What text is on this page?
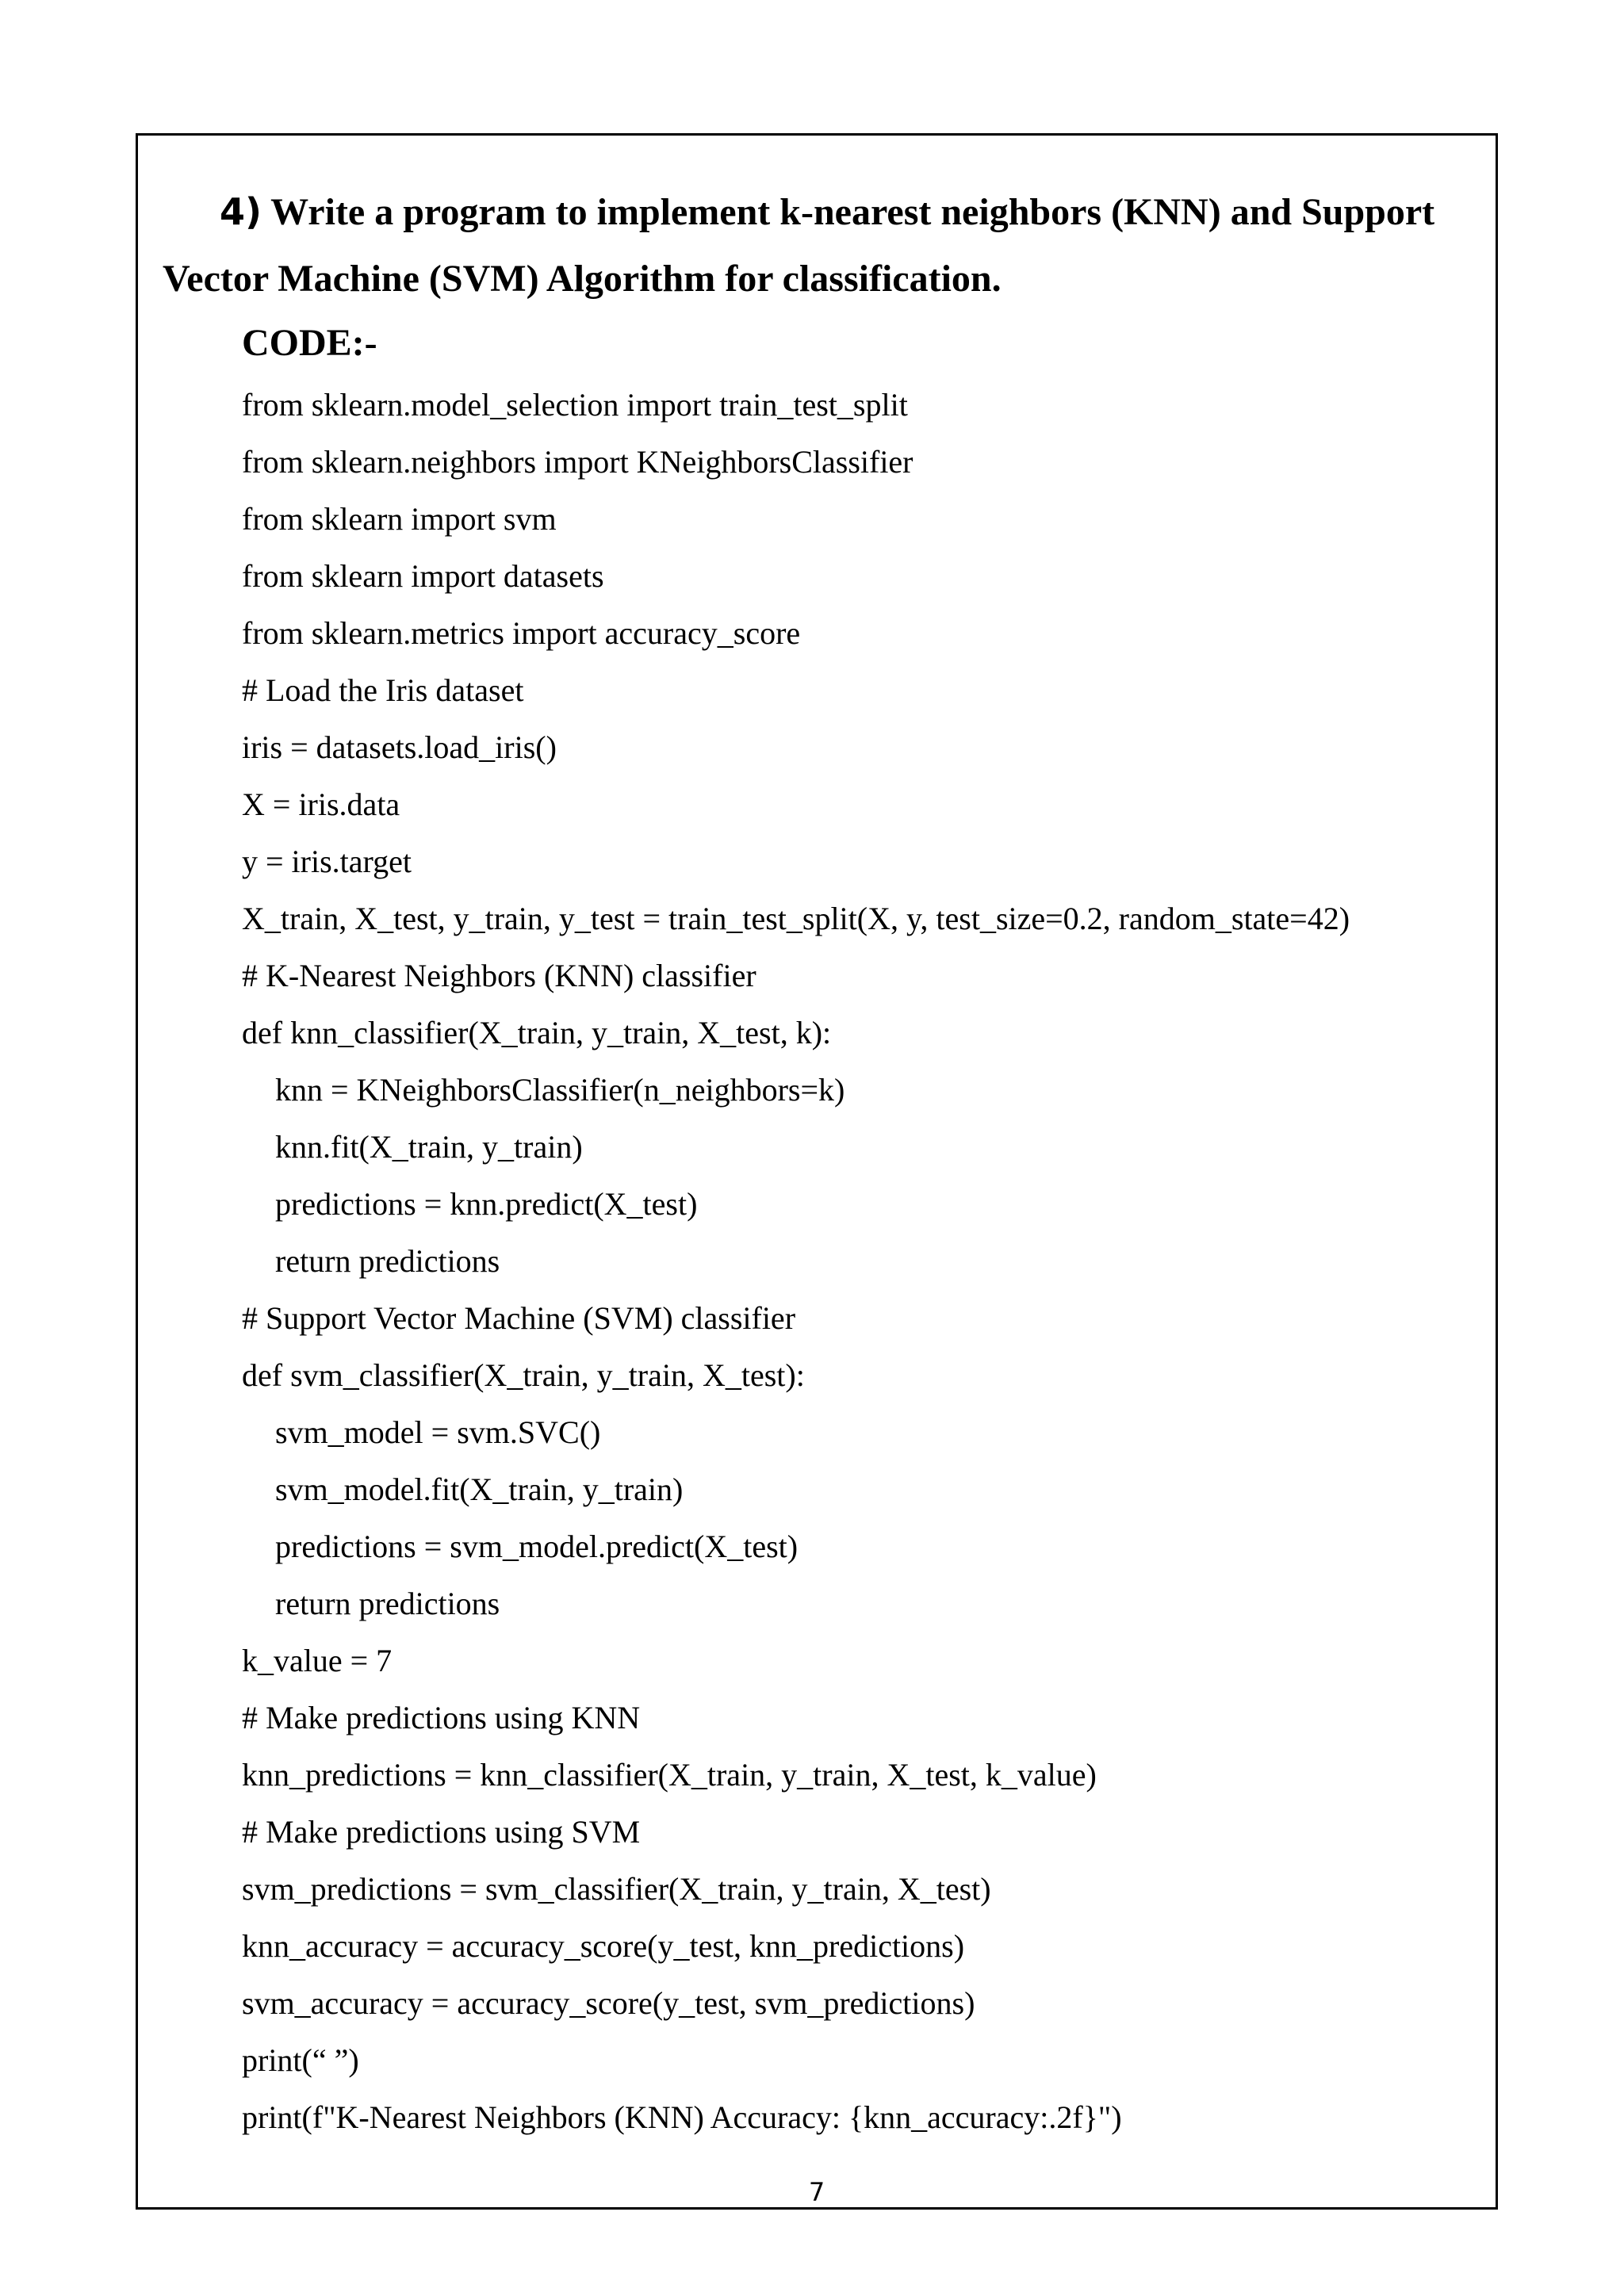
4) Write a program to implement k-nearest neighbors (KNN) and Support Vector Machine (SVM) Algorithm for classification.
CODE:-
from sklearn.model_selection import train_test_split
from sklearn.neighbors import KNeighborsClassifier
from sklearn import svm
from sklearn import datasets
from sklearn.metrics import accuracy_score
# Load the Iris dataset
iris = datasets.load_iris()
X = iris.data
y = iris.target
X_train, X_test, y_train, y_test = train_test_split(X, y, test_size=0.2, random_state=42)
# K-Nearest Neighbors (KNN) classifier
def knn_classifier(X_train, y_train, X_test, k):
knn = KNeighborsClassifier(n_neighbors=k)
knn.fit(X_train, y_train)
predictions = knn.predict(X_test)
return predictions
# Support Vector Machine (SVM) classifier
def svm_classifier(X_train, y_train, X_test):
svm_model = svm.SVC()
svm_model.fit(X_train, y_train)
predictions = svm_model.predict(X_test)
return predictions
k_value = 7
# Make predictions using KNN
knn_predictions = knn_classifier(X_train, y_train, X_test, k_value)
# Make predictions using SVM
svm_predictions = svm_classifier(X_train, y_train, X_test)
knn_accuracy = accuracy_score(y_test, knn_predictions)
svm_accuracy = accuracy_score(y_test, svm_predictions)
print(“ ”)
print(f"K-Nearest Neighbors (KNN) Accuracy: {knn_accuracy:.2f}")
7
